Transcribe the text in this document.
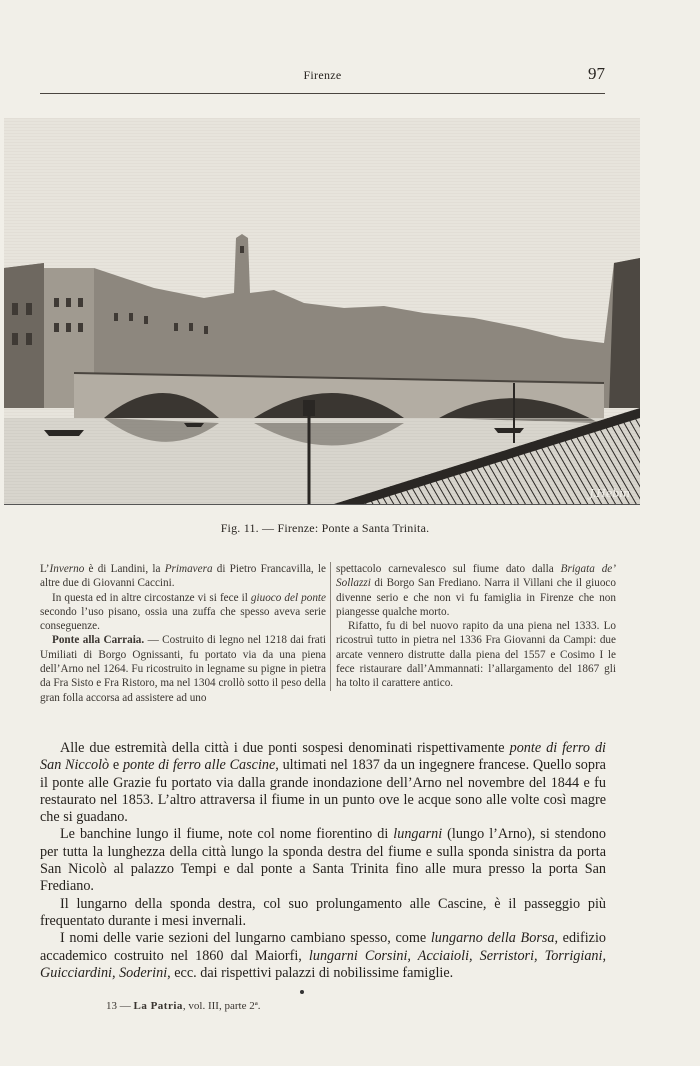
Firenze	97
J.Hebin
Fig. 11. — Firenze: Ponte a Santa Trinita.

L’Inverno è di Landini, la Primavera di Pietro Francavilla, le altre due di Giovanni Caccini.

In questa ed in altre circostanze vi si fece il giuoco del ponte secondo l’uso pisano, ossia una zuffa che spesso aveva serie conseguenze.

Ponte alla Carraia. — Costruito di legno nel 1218 dai frati Umiliati di Borgo Ognissanti, fu portato via da una piena dell’Arno nel 1264. Fu ricostruito in legname su pigne in pietra da Fra Sisto e Fra Ristoro, ma nel 1304 crollò sotto il peso della gran folla accorsa ad assistere ad uno

spettacolo carnevalesco sul fiume dato dalla Brigata de’ Sollazzi di Borgo San Frediano. Narra il Villani che il giuoco divenne serio e che non vi fu famiglia in Firenze che non piangesse qualche morto.

Rifatto, fu di bel nuovo rapito da una piena nel 1333. Lo ricostruì tutto in pietra nel 1336 Fra Giovanni da Campi: due arcate vennero distrutte dalla piena del 1557 e Cosimo I le fece ristaurare dall’Ammannati: l’allargamento del 1867 gli ha tolto il carattere antico.

Alle due estremità della città i due ponti sospesi denominati rispettivamente ponte di ferro di San Niccolò e ponte di ferro alle Cascine, ultimati nel 1837 da un ingegnere francese. Quello sopra il ponte alle Grazie fu portato via dalla grande inondazione dell’Arno nel novembre del 1844 e fu restaurato nel 1853. L’altro attraversa il fiume in un punto ove le acque sono alle volte così magre che si guadano.

Le banchine lungo il fiume, note col nome fiorentino di lungarni (lungo l’Arno), si stendono per tutta la lunghezza della città lungo la sponda destra del fiume e sulla sponda sinistra da porta San Nicolò al palazzo Tempi e dal ponte a Santa Trinita fino alle mura presso la porta San Frediano.

Il lungarno della sponda destra, col suo prolungamento alle Cascine, è il passeggio più frequentato durante i mesi invernali.

I nomi delle varie sezioni del lungarno cambiano spesso, come lungarno della Borsa, edifizio accademico costruito nel 1860 dal Maiorfi, lungarni Corsini, Acciaioli, Serristori, Torrigiani, Guicciardini, Soderini, ecc. dai rispettivi palazzi di nobilissime famiglie.

13 — La Patria, vol. III, parte 2ª.
